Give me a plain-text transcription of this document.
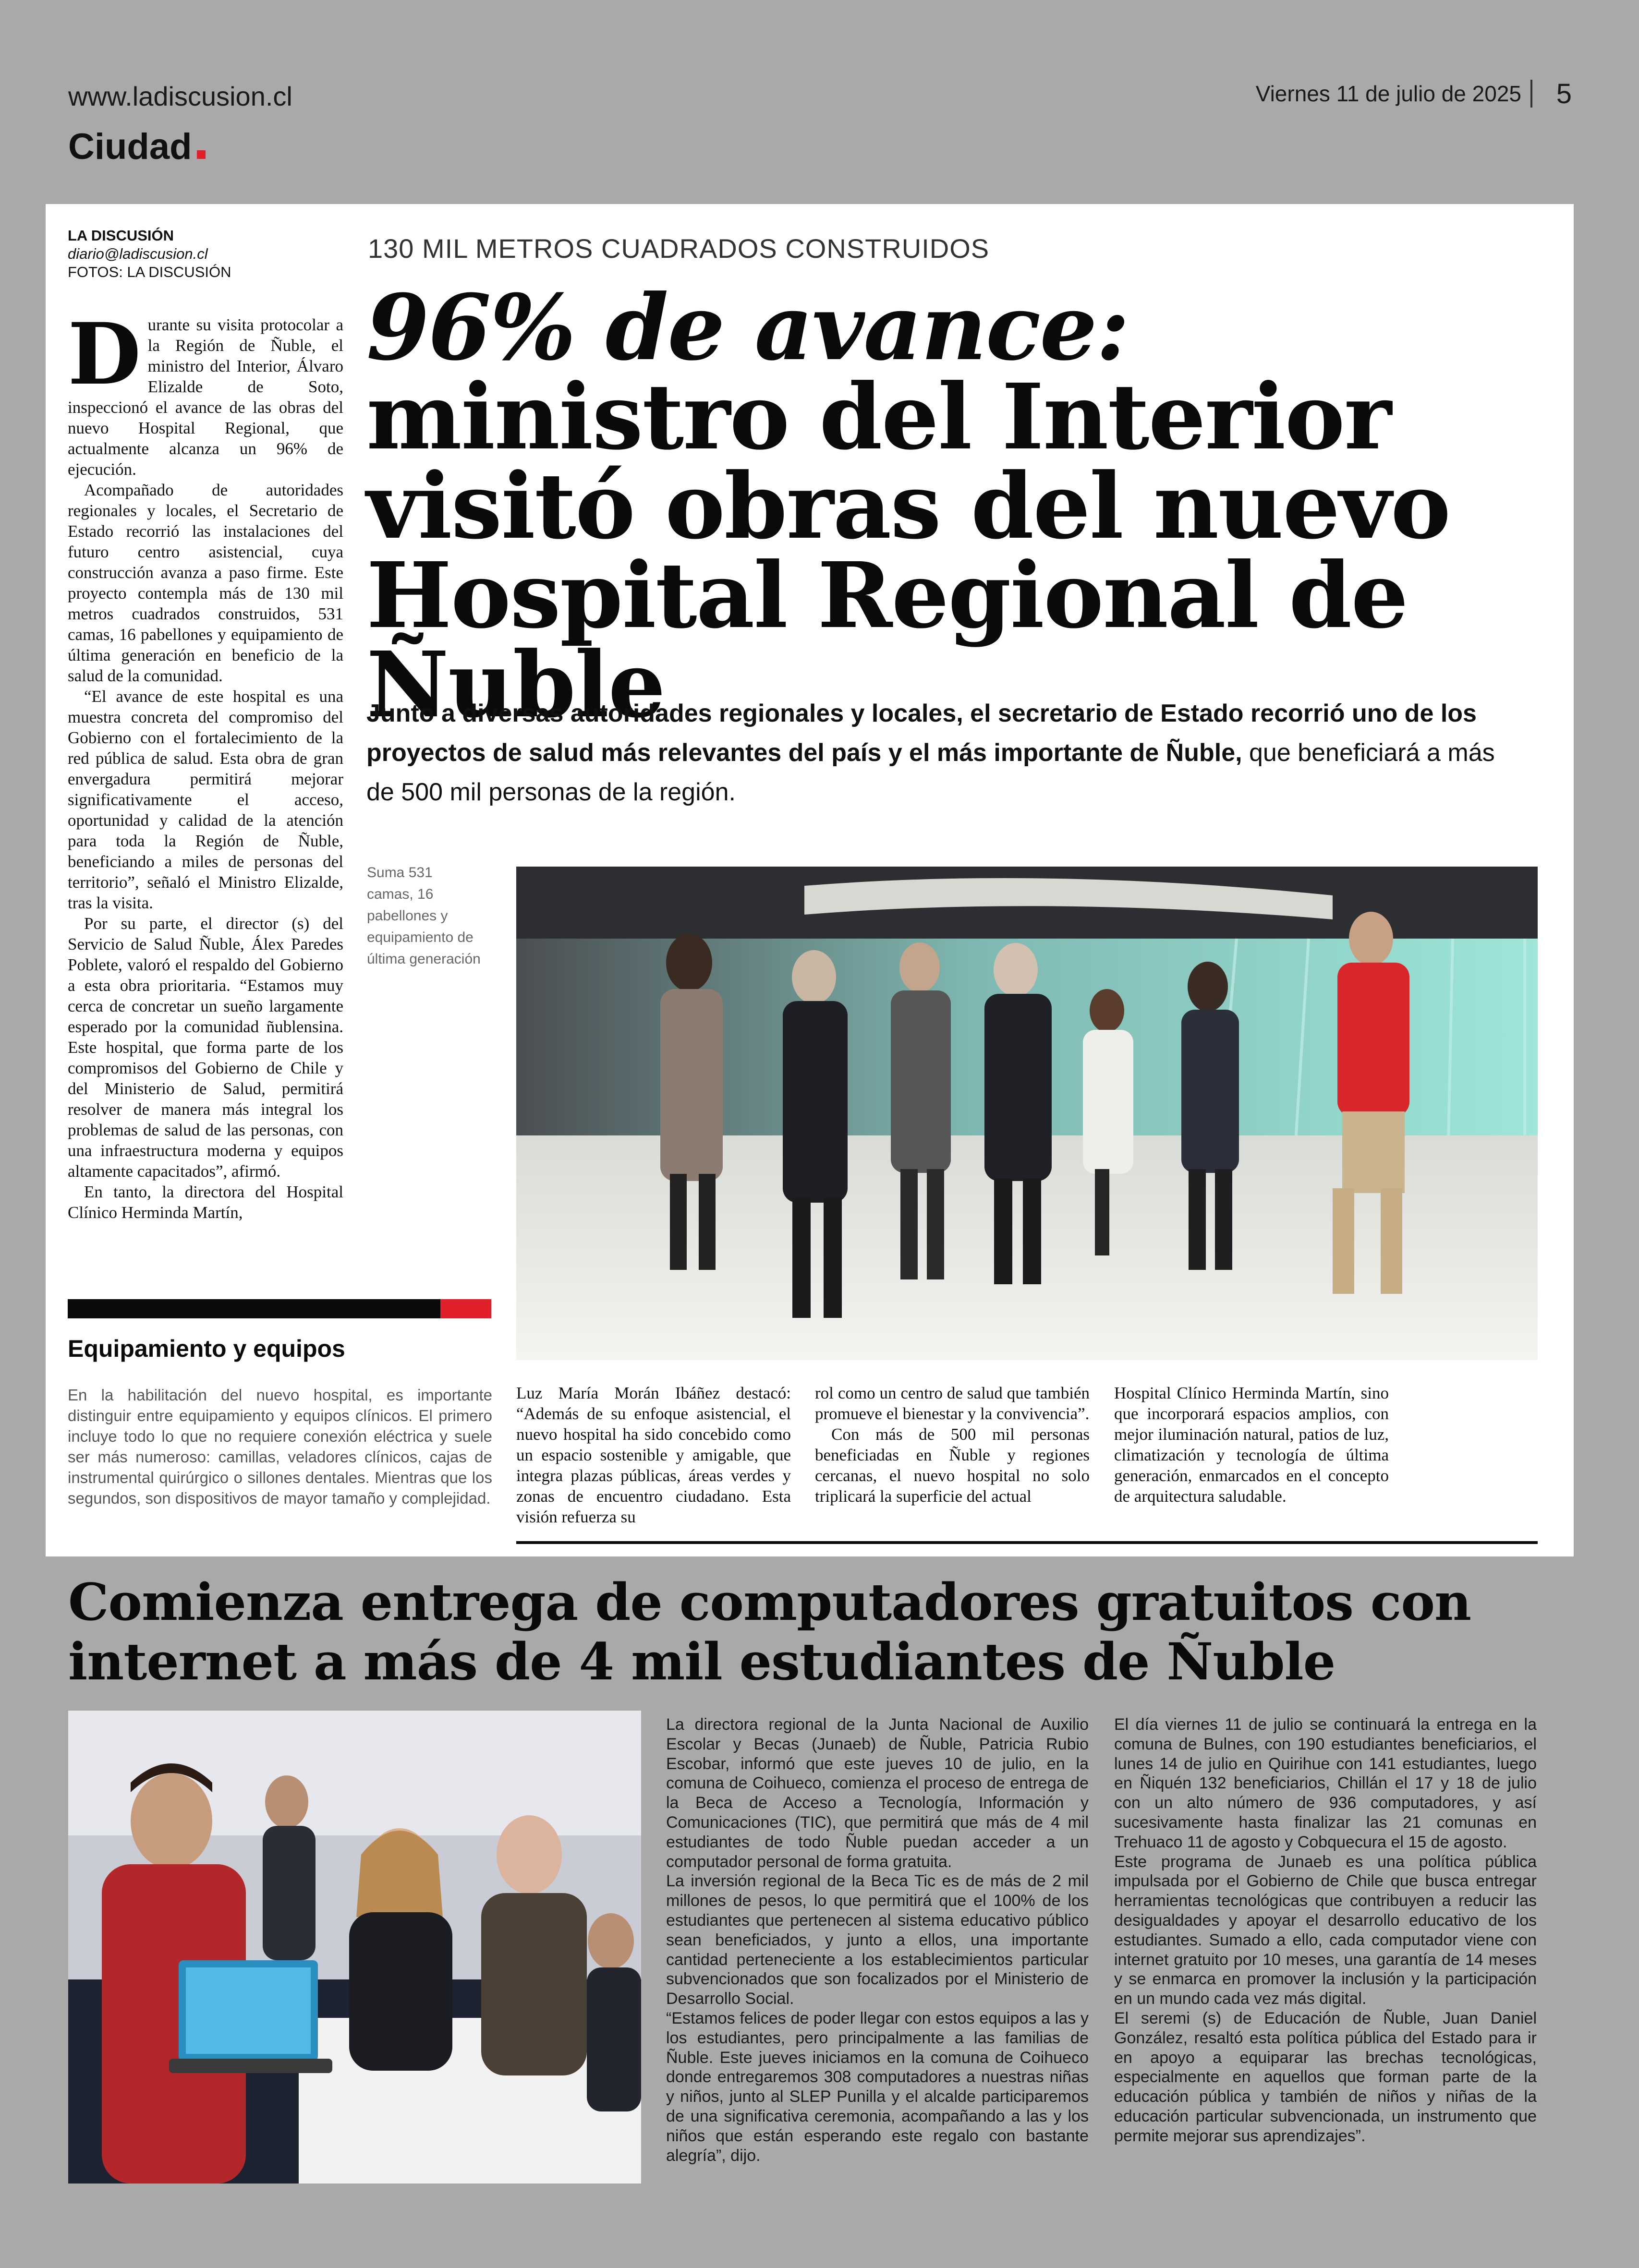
www.ladiscusion.cl
Ciudad
Viernes 11 de julio de 2025 5
LA DISCUSIÓN
diario@ladiscusion.cl
FOTOS: LA DISCUSIÓN
130 MIL METROS CUADRADOS CONSTRUIDOS
96% de avance: ministro del Interior visitó obras del nuevo Hospital Regional de Ñuble
Junto a diversas autoridades regionales y locales, el secretario de Estado recorrió uno de los proyectos de salud más relevantes del país y el más importante de Ñuble, que beneficiará a más de 500 mil personas de la región.
Suma 531 camas, 16 pabellones y equipamiento de última generación

Durante su visita protocolar a la Región de Ñuble, el ministro del Interior, Álvaro Elizalde de Soto, inspeccionó el avance de las obras del nuevo Hospital Regional, que actualmente alcanza un 96% de ejecución.

Acompañado de autoridades regionales y locales, el Secretario de Estado recorrió las instalaciones del futuro centro asistencial, cuya construcción avanza a paso firme. Este proyecto contempla más de 130 mil metros cuadrados construidos, 531 camas, 16 pabellones y equipamiento de última generación en beneficio de la salud de la comunidad.

“El avance de este hospital es una muestra concreta del compromiso del Gobierno con el fortalecimiento de la red pública de salud. Esta obra de gran envergadura permitirá mejorar significativamente el acceso, oportunidad y calidad de la atención para toda la Región de Ñuble, beneficiando a miles de personas del territorio”, señaló el Ministro Elizalde, tras la visita.

Por su parte, el director (s) del Servicio de Salud Ñuble, Álex Paredes Poblete, valoró el respaldo del Gobierno a esta obra prioritaria. “Estamos muy cerca de concretar un sueño largamente esperado por la comunidad ñublensina. Este hospital, que forma parte de los compromisos del Gobierno de Chile y del Ministerio de Salud, permitirá resolver de manera más integral los problemas de salud de las personas, con una infraestructura moderna y equipos altamente capacitados”, afirmó.

En tanto, la directora del Hospital Clínico Herminda Martín,

Equipamiento y equipos
En la habilitación del nuevo hospital, es importante distinguir entre equipamiento y equipos clínicos. El primero incluye todo lo que no requiere conexión eléctrica y suele ser más numeroso: camillas, veladores clínicos, cajas de instrumental quirúrgico o sillones dentales. Mientras que los segundos, son dispositivos de mayor tamaño y complejidad.
Luz María Morán Ibáñez destacó: “Además de su enfoque asistencial, el nuevo hospital ha sido concebido como un espacio sostenible y amigable, que integra plazas públicas, áreas verdes y zonas de encuentro ciudadano. Esta visión refuerza su

rol como un centro de salud que también promueve el bienestar y la convivencia”.

Con más de 500 mil personas beneficiadas en Ñuble y regiones cercanas, el nuevo hospital no solo triplicará la superficie del actual

Hospital Clínico Herminda Martín, sino que incorporará espacios amplios, con mejor iluminación natural, patios de luz, climatización y tecnología de última generación, enmarcados en el concepto de arquitectura saludable.
Comienza entrega de computadores gratuitos con internet a más de 4 mil estudiantes de Ñuble

La directora regional de la Junta Nacional de Auxilio Escolar y Becas (Junaeb) de Ñuble, Patricia Rubio Escobar, informó que este jueves 10 de julio, en la comuna de Coihueco, comienza el proceso de entrega de la Beca de Acceso a Tecnología, Información y Comunicaciones (TIC), que permitirá que más de 4 mil estudiantes de todo Ñuble puedan acceder a un computador personal de forma gratuita.

La inversión regional de la Beca Tic es de más de 2 mil millones de pesos, lo que permitirá que el 100% de los estudiantes que pertenecen al sistema educativo público sean beneficiados, y junto a ellos, una importante cantidad perteneciente a los establecimientos particular subvencionados que son focalizados por el Ministerio de Desarrollo Social.

“Estamos felices de poder llegar con estos equipos a las y los estudiantes, pero principalmente a las familias de Ñuble. Este jueves iniciamos en la comuna de Coihueco donde entregaremos 308 computadores a nuestras niñas y niños, junto al SLEP Punilla y el alcalde participaremos de una significativa ceremonia, acompañando a las y los niños que están esperando este regalo con bastante alegría”, dijo.

El día viernes 11 de julio se continuará la entrega en la comuna de Bulnes, con 190 estudiantes beneficiarios, el lunes 14 de julio en Quirihue con 141 estudiantes, luego en Ñiquén 132 beneficiarios, Chillán el 17 y 18 de julio con un alto número de 936 computadores, y así sucesivamente hasta finalizar las 21 comunas en Trehuaco 11 de agosto y Cobquecura el 15 de agosto.

Este programa de Junaeb es una política pública impulsada por el Gobierno de Chile que busca entregar herramientas tecnológicas que contribuyen a reducir las desigualdades y apoyar el desarrollo educativo de los estudiantes. Sumado a ello, cada computador viene con internet gratuito por 10 meses, una garantía de 14 meses y se enmarca en promover la inclusión y la participación en un mundo cada vez más digital.

El seremi (s) de Educación de Ñuble, Juan Daniel González, resaltó esta política pública del Estado para ir en apoyo a equiparar las brechas tecnológicas, especialmente en aquellos que forman parte de la educación pública y también de niños y niñas de la educación particular subvencionada, un instrumento que permite mejorar sus aprendizajes”.
